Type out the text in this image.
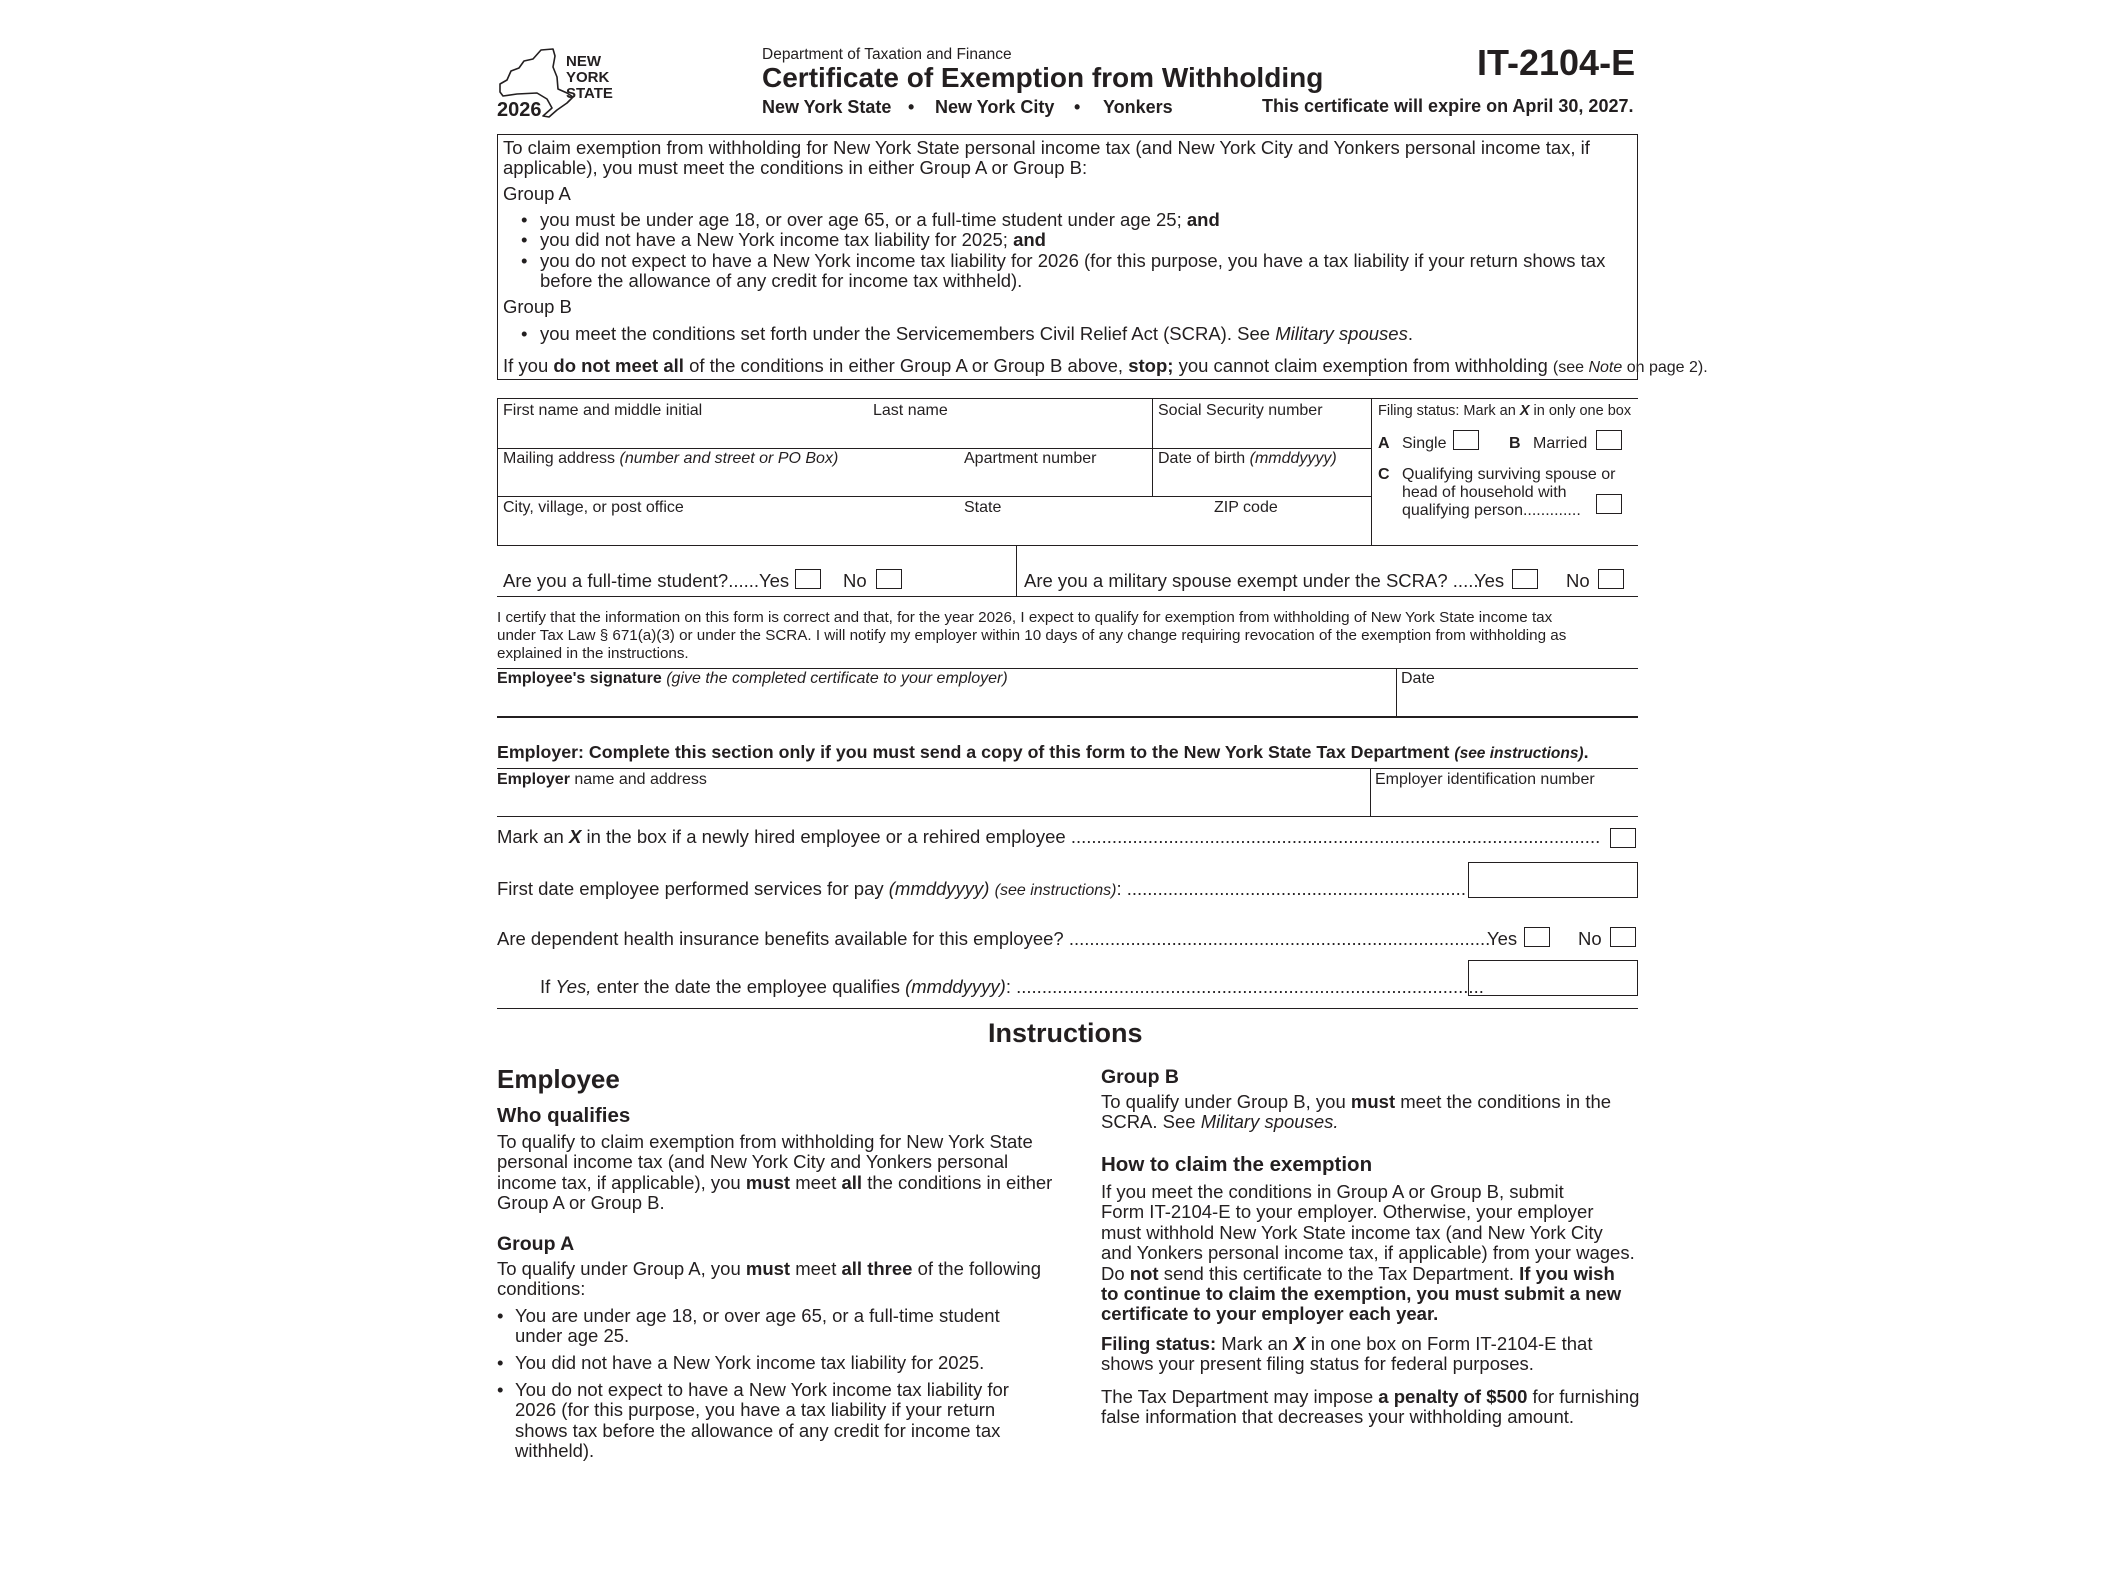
NEW
YORK
STATE
2026
Department of Taxation and Finance
Certificate of Exemption from Withholding
New York State • New York City • Yonkers
IT-2104-E
This certificate will expire on April 30, 2027.
To claim exemption from withholding for New York State personal income tax (and New York City and Yonkers personal income tax, if
applicable), you must meet the conditions in either Group A or Group B:
Group A
• you must be under age 18, or over age 65, or a full-time student under age 25; and
• you did not have a New York income tax liability for 2025; and
• you do not expect to have a New York income tax liability for 2026 (for this purpose, you have a tax liability if your return shows tax
before the allowance of any credit for income tax withheld).
Group B
• you meet the conditions set forth under the Servicemembers Civil Relief Act (SCRA). See Military spouses.
If you do not meet all of the conditions in either Group A or Group B above, stop; you cannot claim exemption from withholding (see Note on page 2).
First name and middle initial	Last name	Social Security number
Mailing address (number and street or PO Box)	Apartment number	Date of birth (mmddyyyy)
City, village, or post office	State	ZIP code
Filing status: Mark an X in only one box
A Single	B Married
C Qualifying surviving spouse or
head of household with
qualifying person.............
Are you a full-time student?...... Yes	No	Are you a military spouse exempt under the SCRA? .....
Yes	No
I certify that the information on this form is correct and that, for the year 2026, I expect to qualify for exemption from withholding of New York State income tax
under Tax Law § 671(a)(3) or under the SCRA. I will notify my employer within 10 days of any change requiring revocation of the exemption from withholding as
explained in the instructions.
Employee's signature (give the completed certificate to your employer)	Date
Employer: Complete this section only if you must send a copy of this form to the New York State Tax Department (see instructions).
Employer name and address	Employer identification number
Mark an X in the box if a newly hired employee or a rehired employee .......................................................................................................
First date employee performed services for pay (mmddyyyy) (see instructions): ..................................................................
Are dependent health insurance benefits available for this employee? ..................................................................................
Yes	No
If Yes, enter the date the employee qualifies (mmddyyyy): ...........................................................................................
Instructions
Employee
Who qualifies
To qualify to claim exemption from withholding for New York State
personal income tax (and New York City and Yonkers personal
income tax, if applicable), you must meet all the conditions in either
Group A or Group B.
Group A
To qualify under Group A, you must meet all three of the following
conditions:
• You are under age 18, or over age 65, or a full-time student
under age 25.
• You did not have a New York income tax liability for 2025.
• You do not expect to have a New York income tax liability for
2026 (for this purpose, you have a tax liability if your return
shows tax before the allowance of any credit for income tax
withheld).
Group B
To qualify under Group B, you must meet the conditions in the
SCRA. See Military spouses.
How to claim the exemption
If you meet the conditions in Group A or Group B, submit
Form IT-2104-E to your employer. Otherwise, your employer
must withhold New York State income tax (and New York City
and Yonkers personal income tax, if applicable) from your wages.
Do not send this certificate to the Tax Department. If you wish
to continue to claim the exemption, you must submit a new
certificate to your employer each year.
Filing status: Mark an X in one box on Form IT-2104-E that
shows your present filing status for federal purposes.
The Tax Department may impose a penalty of $500 for furnishing
false information that decreases your withholding amount.
